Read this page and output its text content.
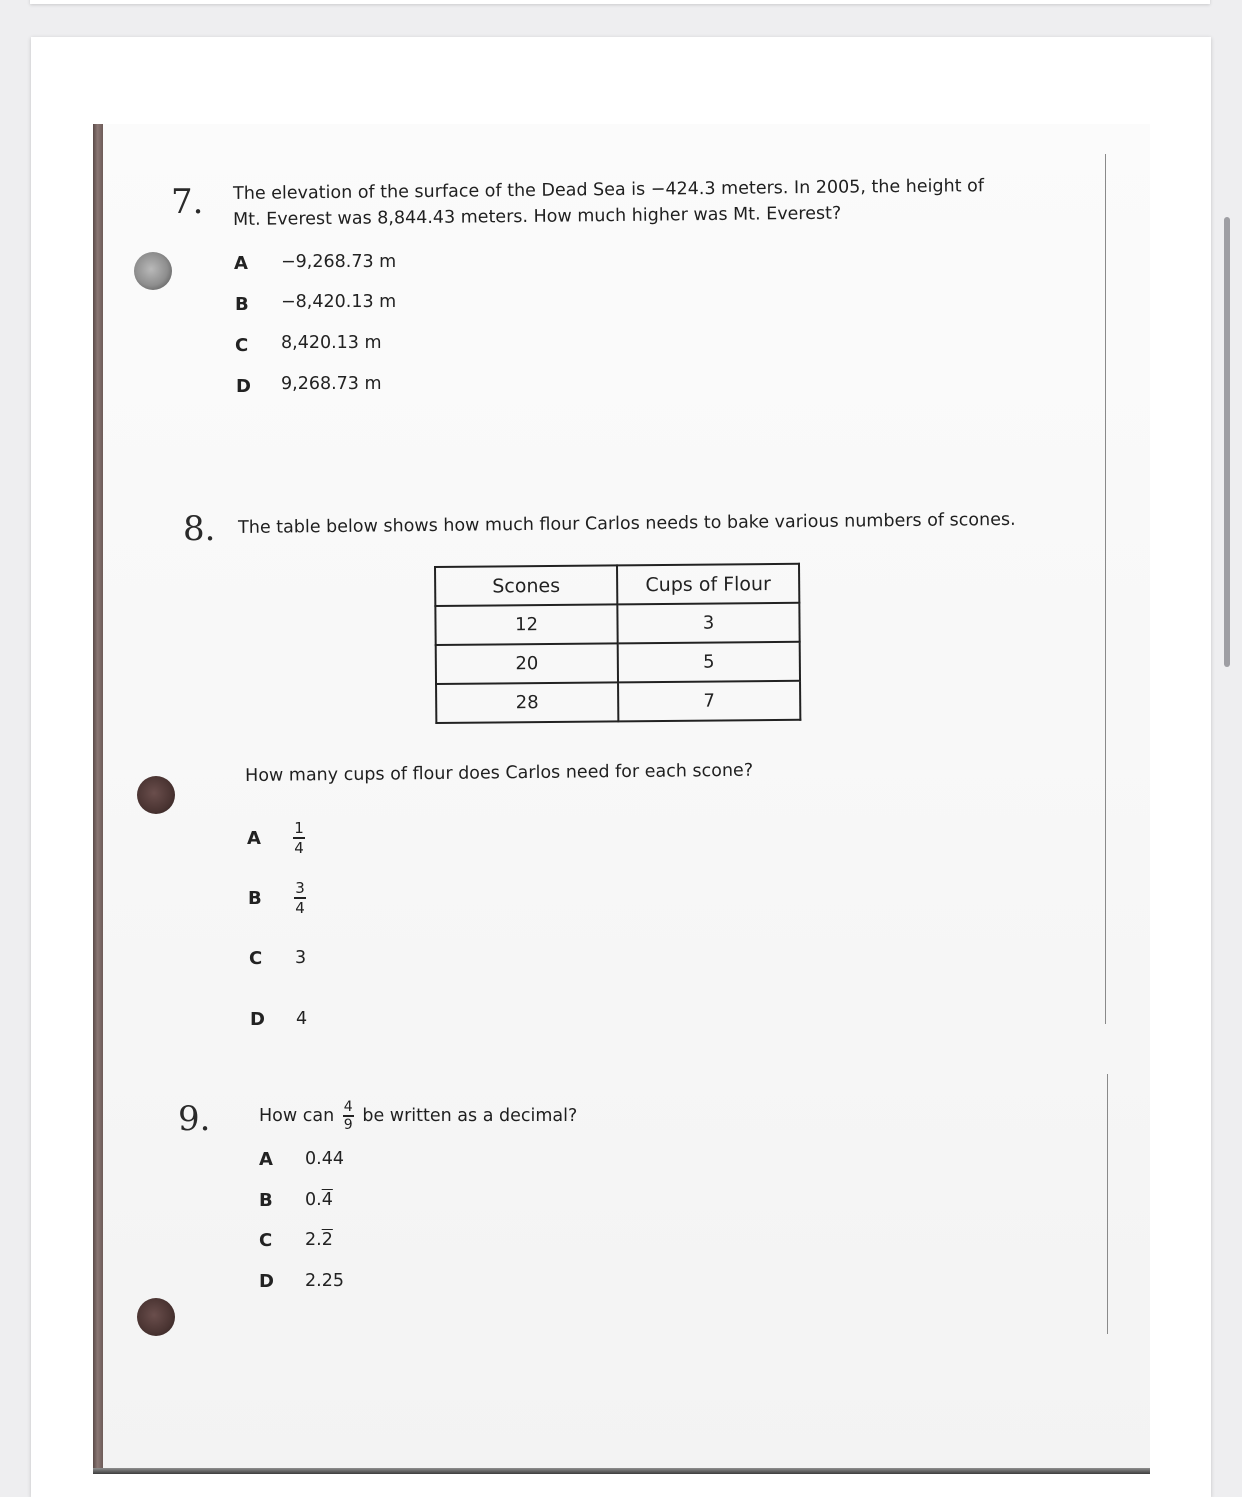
7. The elevation of the surface of the Dead Sea is −424.3 meters. In 2005, the height of
Mt. Everest was 8,844.43 meters. How much higher was Mt. Everest?
A −9,268.73 m
B −8,420.13 m
C 8,420.13 m
D 9,268.73 m
8. The table below shows how much flour Carlos needs to bake various numbers of scones.
How many cups of flour does Carlos need for each scone?
A 1
4
B 3
4
C 3
D 4
9.	How can $\frac{4}{9}$ be written as a decimal?
A 0.44
B 0.4
C 2.2
D 2.25
Scones	Cups of Flour
12	3
20	5
28	7
